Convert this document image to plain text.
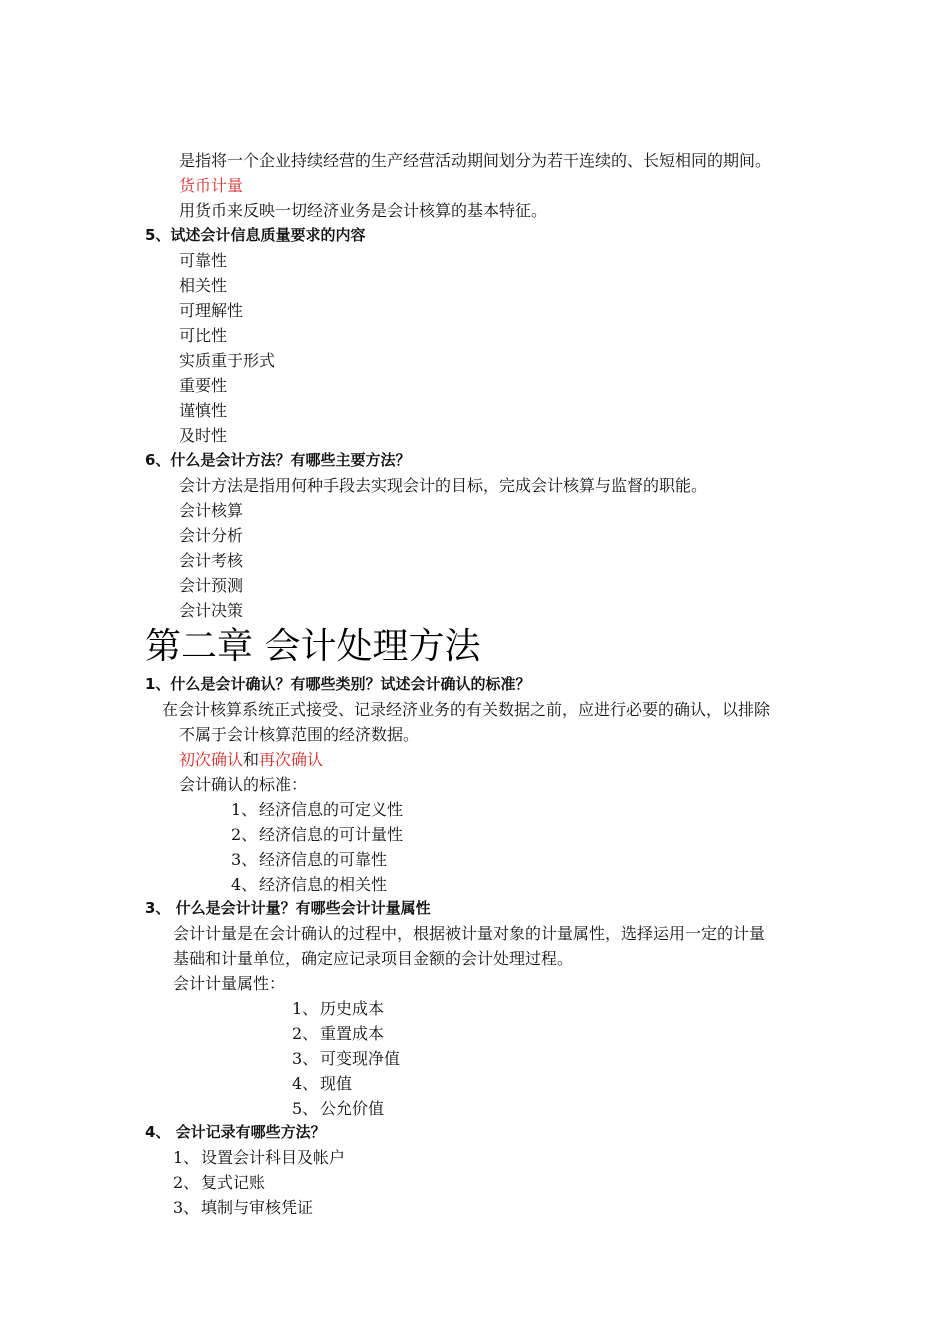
是指将一个企业持续经营的生产经营活动期间划分为若干连续的、长短相同的期间。
货币计量
用货币来反映一切经济业务是会计核算的基本特征。
5、试述会计信息质量要求的内容
可靠性
相关性
可理解性
可比性
实质重于形式
重要性
谨慎性
及时性
6、什么是会计方法？有哪些主要方法？
会计方法是指用何种手段去实现会计的目标，完成会计核算与监督的职能。
会计核算
会计分析
会计考核
会计预测
会计决策
第二章 会计处理方法
1、什么是会计确认？有哪些类别？试述会计确认的标准？
在会计核算系统正式接受、记录经济业务的有关数据之前，应进行必要的确认，以排除
不属于会计核算范围的经济数据。
初次确认和再次确认
会计确认的标准：
1、 经济信息的可定义性
2、 经济信息的可计量性
3、 经济信息的可靠性
4、 经济信息的相关性
3、 什么是会计计量？有哪些会计计量属性
会计计量是在会计确认的过程中，根据被计量对象的计量属性，选择运用一定的计量
基础和计量单位，确定应记录项目金额的会计处理过程。
会计计量属性：
1、 历史成本
2、 重置成本
3、 可变现净值
4、 现值
5、 公允价值
4、 会计记录有哪些方法？
1、 设置会计科目及帐户
2、 复式记账
3、 填制与审核凭证
